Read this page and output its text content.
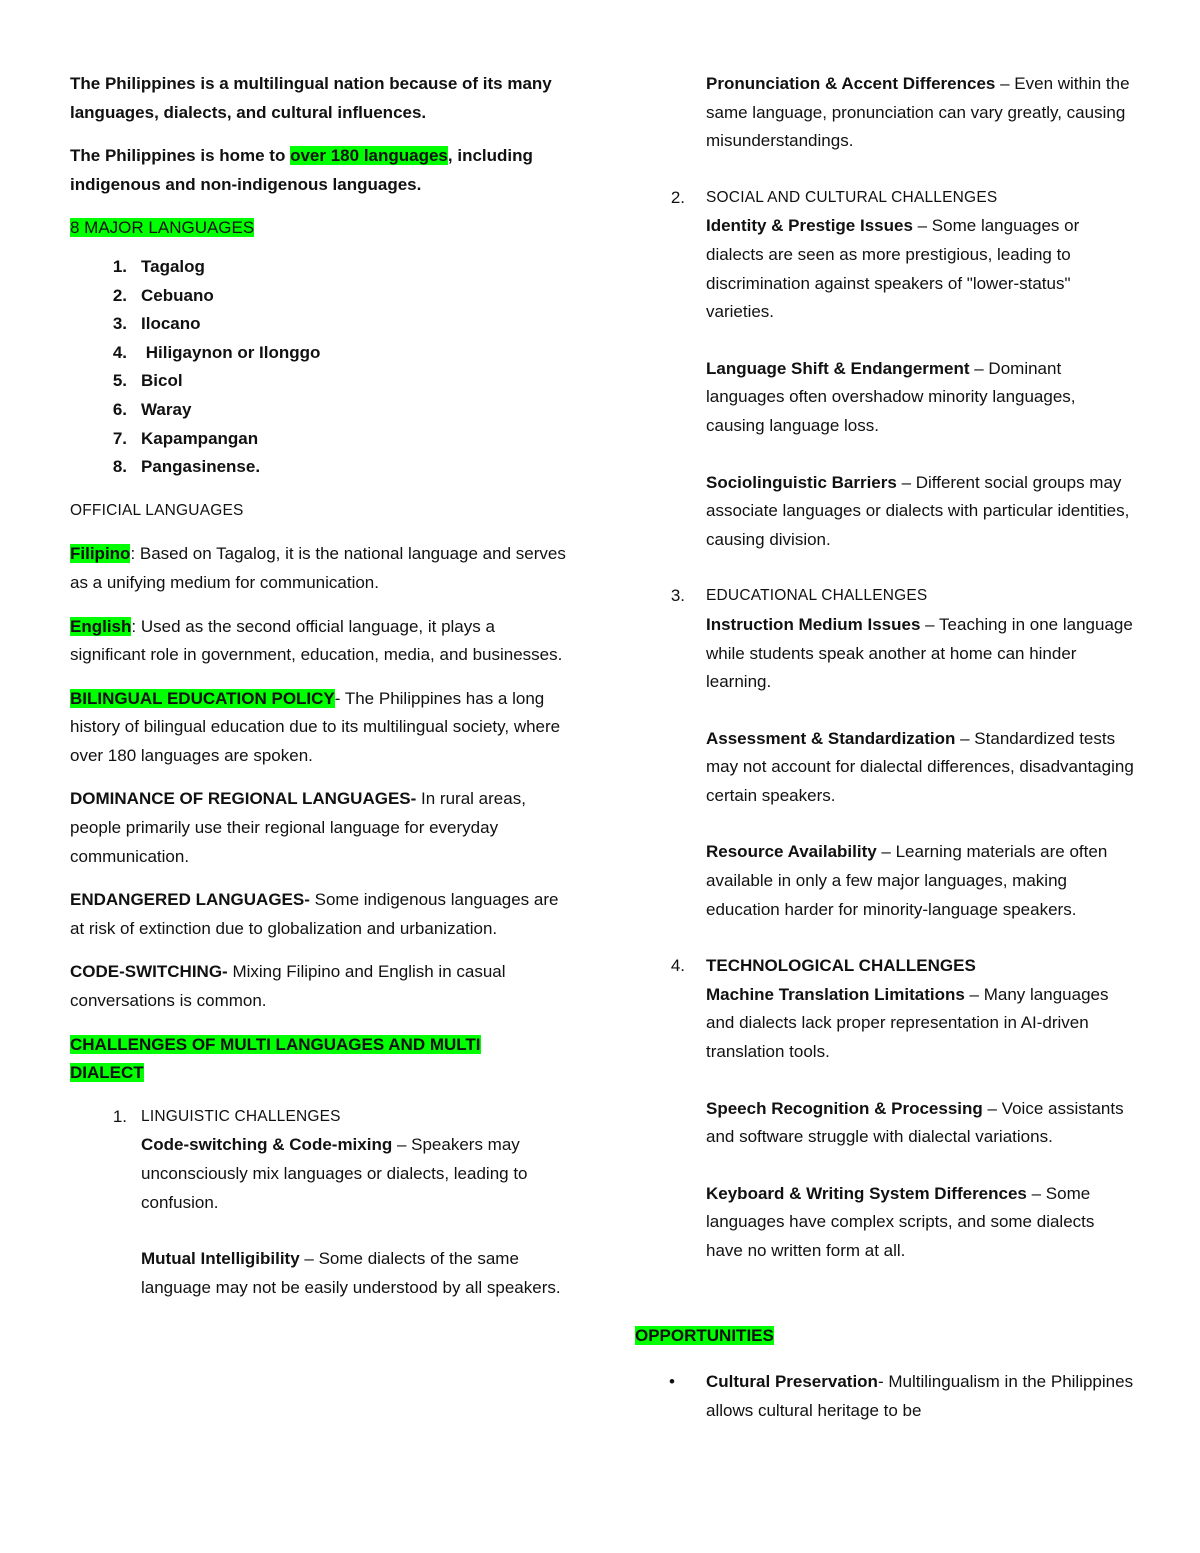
The Philippines is a multilingual nation because of its many languages, dialects, and cultural influences.

The Philippines is home to over 180 languages, including indigenous and non-indigenous languages.

8 MAJOR LANGUAGES

1. Tagalog
2. Cebuano
3. Ilocano
4. Hiligaynon or Ilonggo
5. Bicol
6. Waray
7. Kapampangan
8. Pangasinense.

OFFICIAL LANGUAGES

Filipino: Based on Tagalog, it is the national language and serves as a unifying medium for communication.

English: Used as the second official language, it plays a significant role in government, education, media, and businesses.

BILINGUAL EDUCATION POLICY- The Philippines has a long history of bilingual education due to its multilingual society, where over 180 languages are spoken.

DOMINANCE OF REGIONAL LANGUAGES- In rural areas, people primarily use their regional language for everyday communication.

ENDANGERED LANGUAGES- Some indigenous languages are at risk of extinction due to globalization and urbanization.

CODE-SWITCHING- Mixing Filipino and English in casual conversations is common.

CHALLENGES OF MULTI LANGUAGES AND MULTI
DIALECT

1. LINGUISTIC CHALLENGES

Code-switching & Code-mixing – Speakers may unconsciously mix languages or dialects, leading to confusion.

Mutual Intelligibility – Some dialects of the same language may not be easily understood by all speakers.

Pronunciation & Accent Differences – Even within the same language, pronunciation can vary greatly, causing misunderstandings.

2. SOCIAL AND CULTURAL CHALLENGES

Identity & Prestige Issues – Some languages or dialects are seen as more prestigious, leading to discrimination against speakers of "lower-status" varieties.

Language Shift & Endangerment – Dominant languages often overshadow minority languages, causing language loss.

Sociolinguistic Barriers – Different social groups may associate languages or dialects with particular identities, causing division.

3. EDUCATIONAL CHALLENGES

Instruction Medium Issues – Teaching in one language while students speak another at home can hinder learning.

Assessment & Standardization – Standardized tests may not account for dialectal differences, disadvantaging certain speakers.

Resource Availability – Learning materials are often available in only a few major languages, making education harder for minority-language speakers.

4. TECHNOLOGICAL CHALLENGES

Machine Translation Limitations – Many languages and dialects lack proper representation in AI-driven translation tools.

Speech Recognition & Processing – Voice assistants and software struggle with dialectal variations.

Keyboard & Writing System Differences – Some languages have complex scripts, and some dialects have no written form at all.

OPPORTUNITIES

• Cultural Preservation- Multilingualism in the Philippines allows cultural heritage to be
